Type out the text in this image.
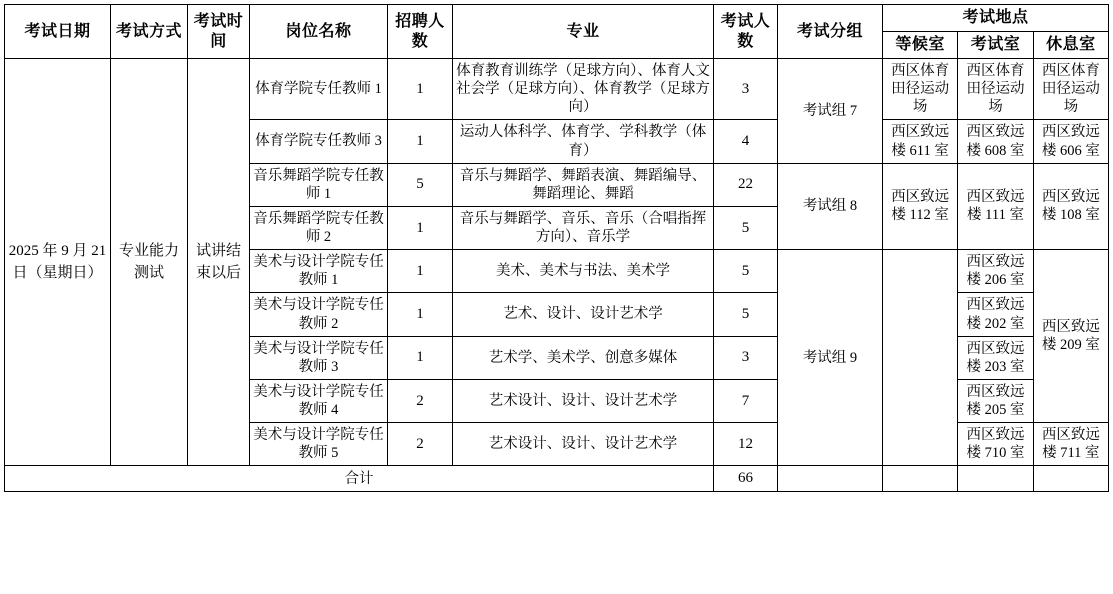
考试日期	考试方式	考试时间	岗位名称	招聘人数	专业	考试人数	考试分组	考试地点		
								等候室	考试室	休息室
2025 年 9 月 21 日（星期日）	专业能力测试	试讲结束以后	体育学院专任教师 1	1	体育教育训练学（足球方向）、体育人文社会学（足球方向）、体育教学（足球方向）	3	考试组 7	西区体育田径运动场	西区体育田径运动场	西区体育田径运动场
			体育学院专任教师 3	1	运动人体科学、体育学、学科教学（体育）	4		西区致远楼 611 室	西区致远楼 608 室	西区致远楼 606 室
			音乐舞蹈学院专任教师 1	5	音乐与舞蹈学、舞蹈表演、舞蹈编导、舞蹈理论、舞蹈	22	考试组 8	西区致远楼 112 室	西区致远楼 111 室	西区致远楼 108 室
			音乐舞蹈学院专任教师 2	1	音乐与舞蹈学、音乐、音乐（合唱指挥方向）、音乐学	5				
			美术与设计学院专任教师 1	1	美术、美术与书法、美术学	5	考试组 9		西区致远楼 206 室	西区致远楼 209 室
			美术与设计学院专任教师 2	1	艺术、设计、设计艺术学	5			西区致远楼 202 室	
			美术与设计学院专任教师 3	1	艺术学、美术学、创意多媒体	3			西区致远楼 203 室	
			美术与设计学院专任教师 4	2	艺术设计、设计、设计艺术学	7			西区致远楼 205 室	
			美术与设计学院专任教师 5	2	艺术设计、设计、设计艺术学	12			西区致远楼 710 室	西区致远楼 711 室
合计						66				
